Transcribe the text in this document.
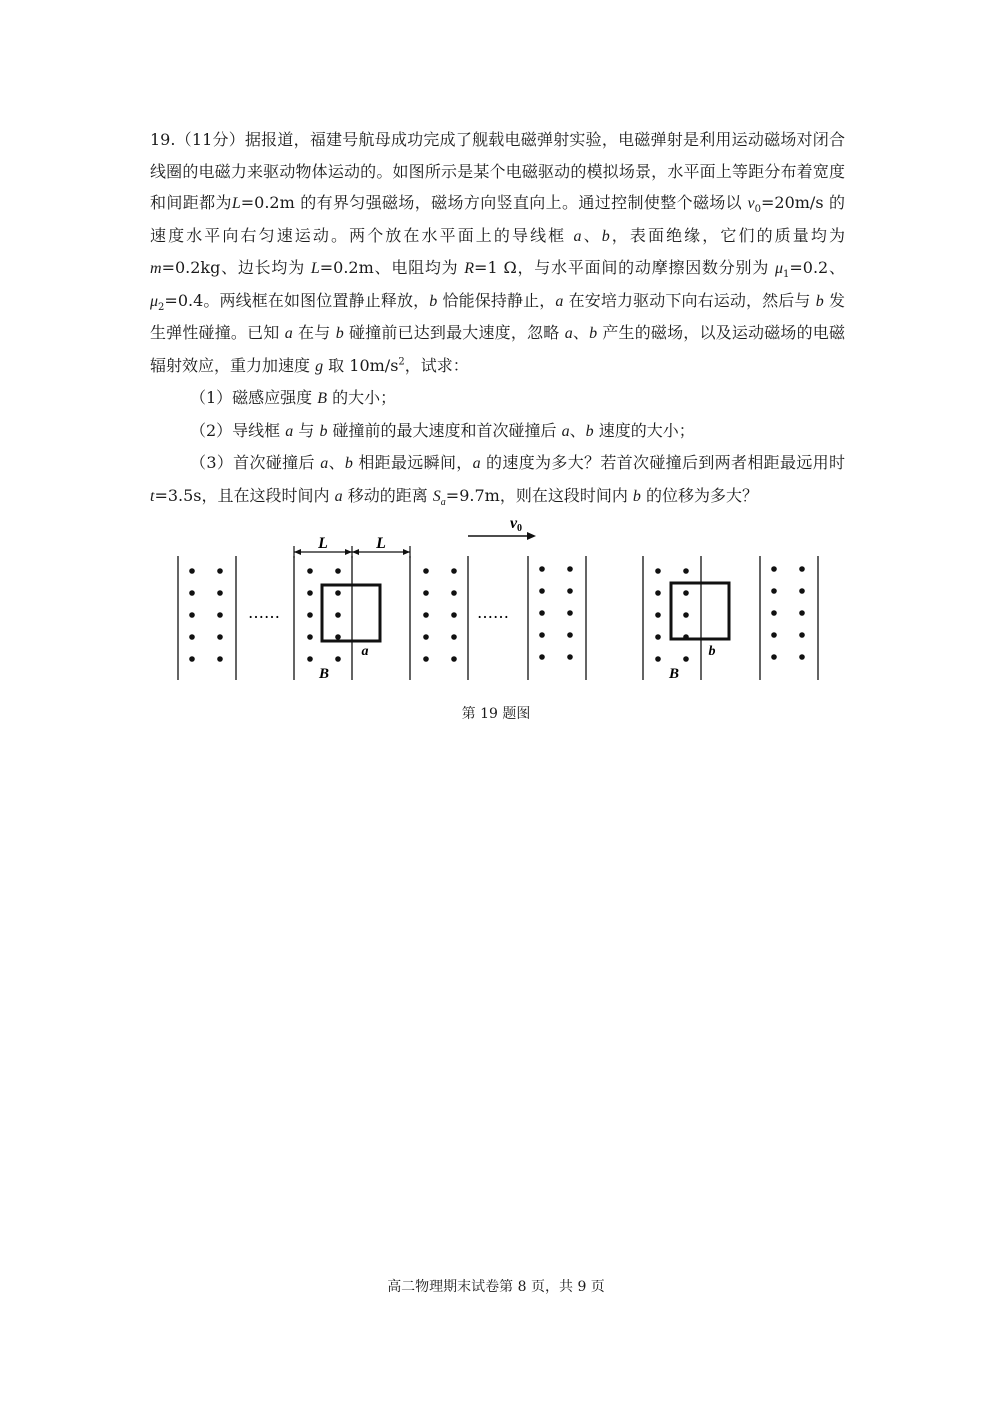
19.（11分）据报道，福建号航母成功完成了舰载电磁弹射实验，电磁弹射是利用运动磁场对闭合线圈的电磁力来驱动物体运动的。如图所示是某个电磁驱动的模拟场景，水平面上等距分布着宽度和间距都为L=0.2m 的有界匀强磁场，磁场方向竖直向上。通过控制使整个磁场以 $v_0=20m/s$ 的速度水平向右匀速运动。两个放在水平面上的导线框 a、b，表面绝缘，它们的质量均为 m=0.2kg、边长均为 L=0.2m、电阻均为 R=1 Ω，与水平面间的动摩擦因数分别为 $\mu_1=0.2$、 $\mu_2=0.4$。两线框在如图位置静止释放，b 恰能保持静止，a 在安培力驱动下向右运动，然后与 b 发生弹性碰撞。已知 a 在与 b 碰撞前已达到最大速度，忽略 a、b 产生的磁场，以及运动磁场的电磁辐射效应，重力加速度 g 取 $10m/s^2$，试求：

（1）磁感应强度 B 的大小；

（2）导线框 a 与 b 碰撞前的最大速度和首次碰撞后 a、b 速度的大小；

（3）首次碰撞后 a、b 相距最远瞬间，a 的速度为多大？若首次碰撞后到两者相距最远用时 t=3.5s，且在这段时间内 a 移动的距离 $S_a=9.7m$，则在这段时间内 b 的位移为多大？

L	L
v0
……	……
a	b
B	B
第 19 题图
高二物理期末试卷第 8 页，共 9 页
